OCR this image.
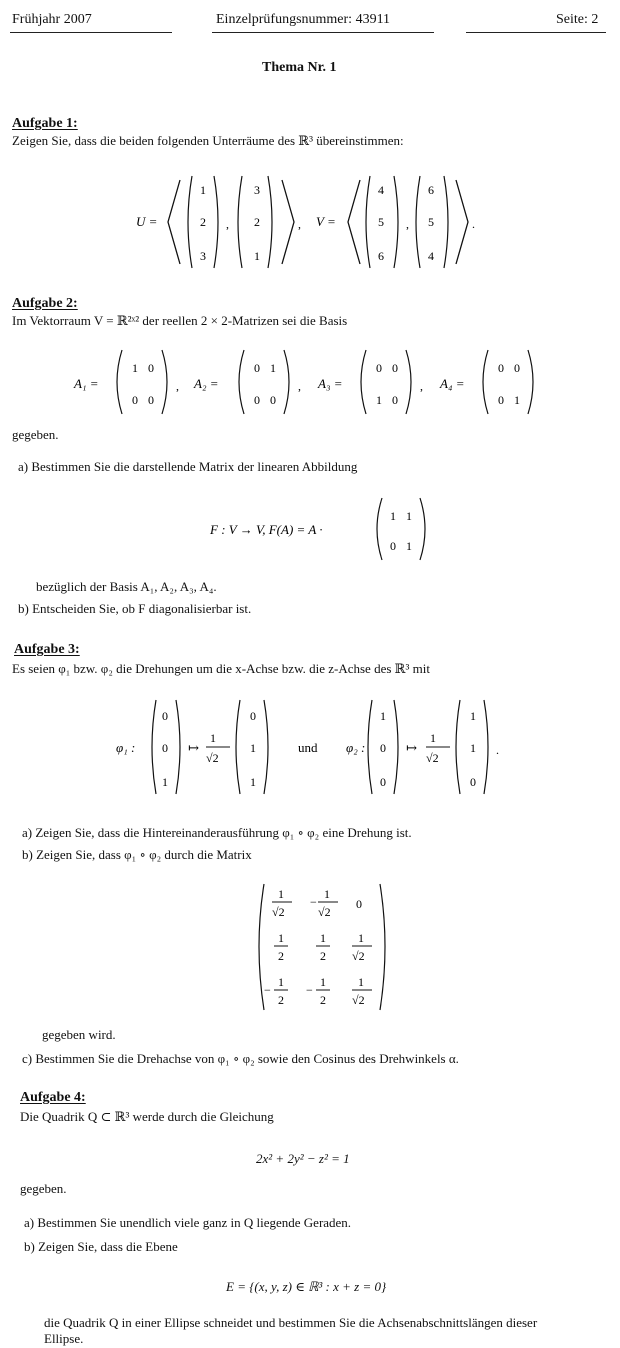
Frühjahr 2007	Einzelprüfungsnummer: 43911	Seite: 2
Thema Nr. 1
Aufgabe 1:
Zeigen Sie, dass die beiden folgenden Unterräume des ℝ³ übereinstimmen:
U =
1
2
3
,
3
2
1
, V =
4
5
6
,
6
5
4
.
Aufgabe 2:
Im Vektorraum V = ℝ²ˣ² der reellen 2 × 2-Matrizen sei die Basis
A₁ =
1 0
0 0
, A₂ =
0 1
0 0
, A₃ =
0 0
1 0
, A₄ =
0 0
0 1
gegeben.
a) Bestimmen Sie die darstellende Matrix der linearen Abbildung
F : V → V, F(A) = A ·
1 1
0 1
bezüglich der Basis A₁, A₂, A₃, A₄.
b) Entscheiden Sie, ob F diagonalisierbar ist.
Aufgabe 3:
Es seien φ₁ bzw. φ₂ die Drehungen um die x-Achse bzw. die z-Achse des ℝ³ mit
φ₁ :
0
0
1
↦
1
√2
0
1
1
und φ₂ :
1
0
0
↦
1
√2
1
1
0
.
a) Zeigen Sie, dass die Hintereinanderausführung φ₁ ∘ φ₂ eine Drehung ist.
b) Zeigen Sie, dass φ₁ ∘ φ₂ durch die Matrix
1
√2
−
1
√2
0
1
2
1
2
1
√2
−
1
2
−
1
2
1
√2
gegeben wird.
c) Bestimmen Sie die Drehachse von φ₁ ∘ φ₂ sowie den Cosinus des Drehwinkels α.
Aufgabe 4:
Die Quadrik Q ⊂ ℝ³ werde durch die Gleichung
2x² + 2y² − z² = 1
gegeben.
a) Bestimmen Sie unendlich viele ganz in Q liegende Geraden.
b) Zeigen Sie, dass die Ebene
E = {(x, y, z) ∈ ℝ³ : x + z = 0}
die Quadrik Q in einer Ellipse schneidet und bestimmen Sie die Achsenabschnittslängen dieser
Ellipse.
